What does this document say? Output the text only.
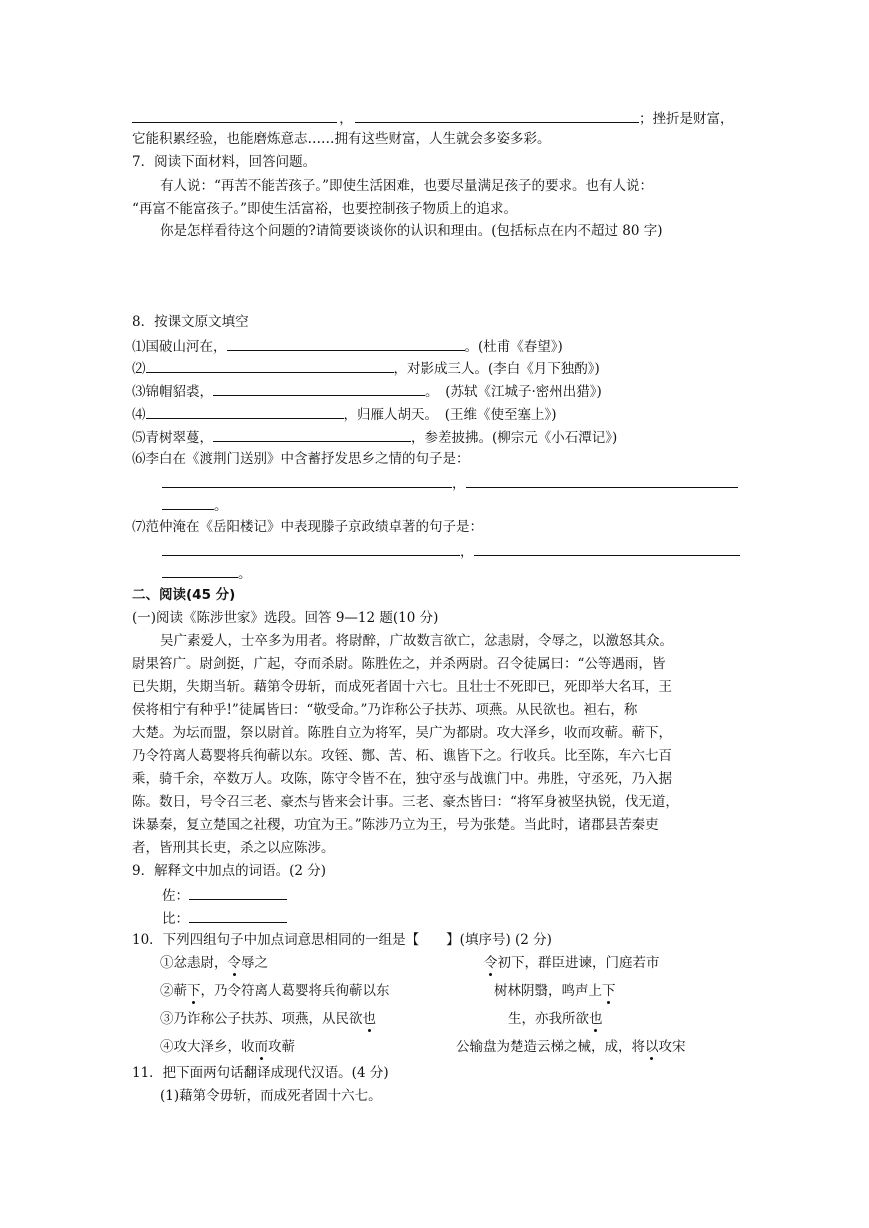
，	；挫折是财富，
它能积累经验，也能磨炼意志……拥有这些财富，人生就会多姿多彩。
7．阅读下面材料，回答问题。
有人说：“再苦不能苦孩子。”即使生活困难，也要尽量满足孩子的要求。也有人说：
“再富不能富孩子。”即使生活富裕，也要控制孩子物质上的追求。
你是怎样看待这个问题的?请简要谈谈你的认识和理由。(包括标点在内不超过 80 字)
8．按课文原文填空
⑴国破山河在，	。(杜甫《春望》)
⑵	，对影成三人。(李白《月下独酌》)
⑶锦帽貂裘，	。　(苏轼《江城子·密州出猎》)
⑷	，归雁人胡天。　(王维《使至塞上》)
⑸青树翠蔓，	，参差披拂。(柳宗元《小石潭记》)
⑹李白在《渡荆门送别》中含蓄抒发思乡之情的句子是：
，
。
⑺范仲淹在《岳阳楼记》中表现滕子京政绩卓著的句子是：
，
。
二、阅读(45 分)
(一)阅读《陈涉世家》选段。回答 9—12 题(10 分)
吴广素爱人，士卒多为用者。将尉醉，广故数言欲亡，忿恚尉，令辱之，以激怒其众。
尉果笞广。尉剑挺，广起，夺而杀尉。陈胜佐之，并杀两尉。召令徒属曰：“公等遇雨，皆
已失期，失期当斩。藉第令毋斩，而成死者固十六七。且壮士不死即已，死即举大名耳，王
侯将相宁有种乎!”徒属皆曰：“敬受命。”乃诈称公子扶苏、项燕。从民欲也。袒右，称
大楚。为坛而盟，祭以尉首。陈胜自立为将军，吴广为都尉。攻大泽乡，收而攻蕲。蕲下，
乃令符离人葛婴将兵徇蕲以东。攻铚、酂、苦、柘、谯皆下之。行收兵。比至陈，车六七百
乘，骑千余，卒数万人。攻陈，陈守令皆不在，独守丞与战谯门中。弗胜，守丞死，乃入据
陈。数日，号令召三老、豪杰与皆来会计事。三老、豪杰皆曰：“将军身被坚执锐，伐无道，
诛暴秦，复立楚国之社稷，功宜为王。”陈涉乃立为王，号为张楚。当此时，诸郡县苦秦吏
者，皆刑其长吏，杀之以应陈涉。
9．解释文中加点的词语。(2 分)
佐：
比：
10．下列四组句子中加点词意思相同的一组是【　　】(填序号) (2 分)
①忿恚尉，令辱之	令初下，群臣进谏，门庭若市
②蕲下，乃令符离人葛婴将兵徇蕲以东	树林阴翳，鸣声上下
③乃诈称公子扶苏、项燕，从民欲也	生，亦我所欲也
④攻大泽乡，收而攻蕲	公输盘为楚造云梯之械，成，将以攻宋
11．把下面两句话翻译成现代汉语。(4 分)
(1)藉第令毋斩，而成死者固十六七。
